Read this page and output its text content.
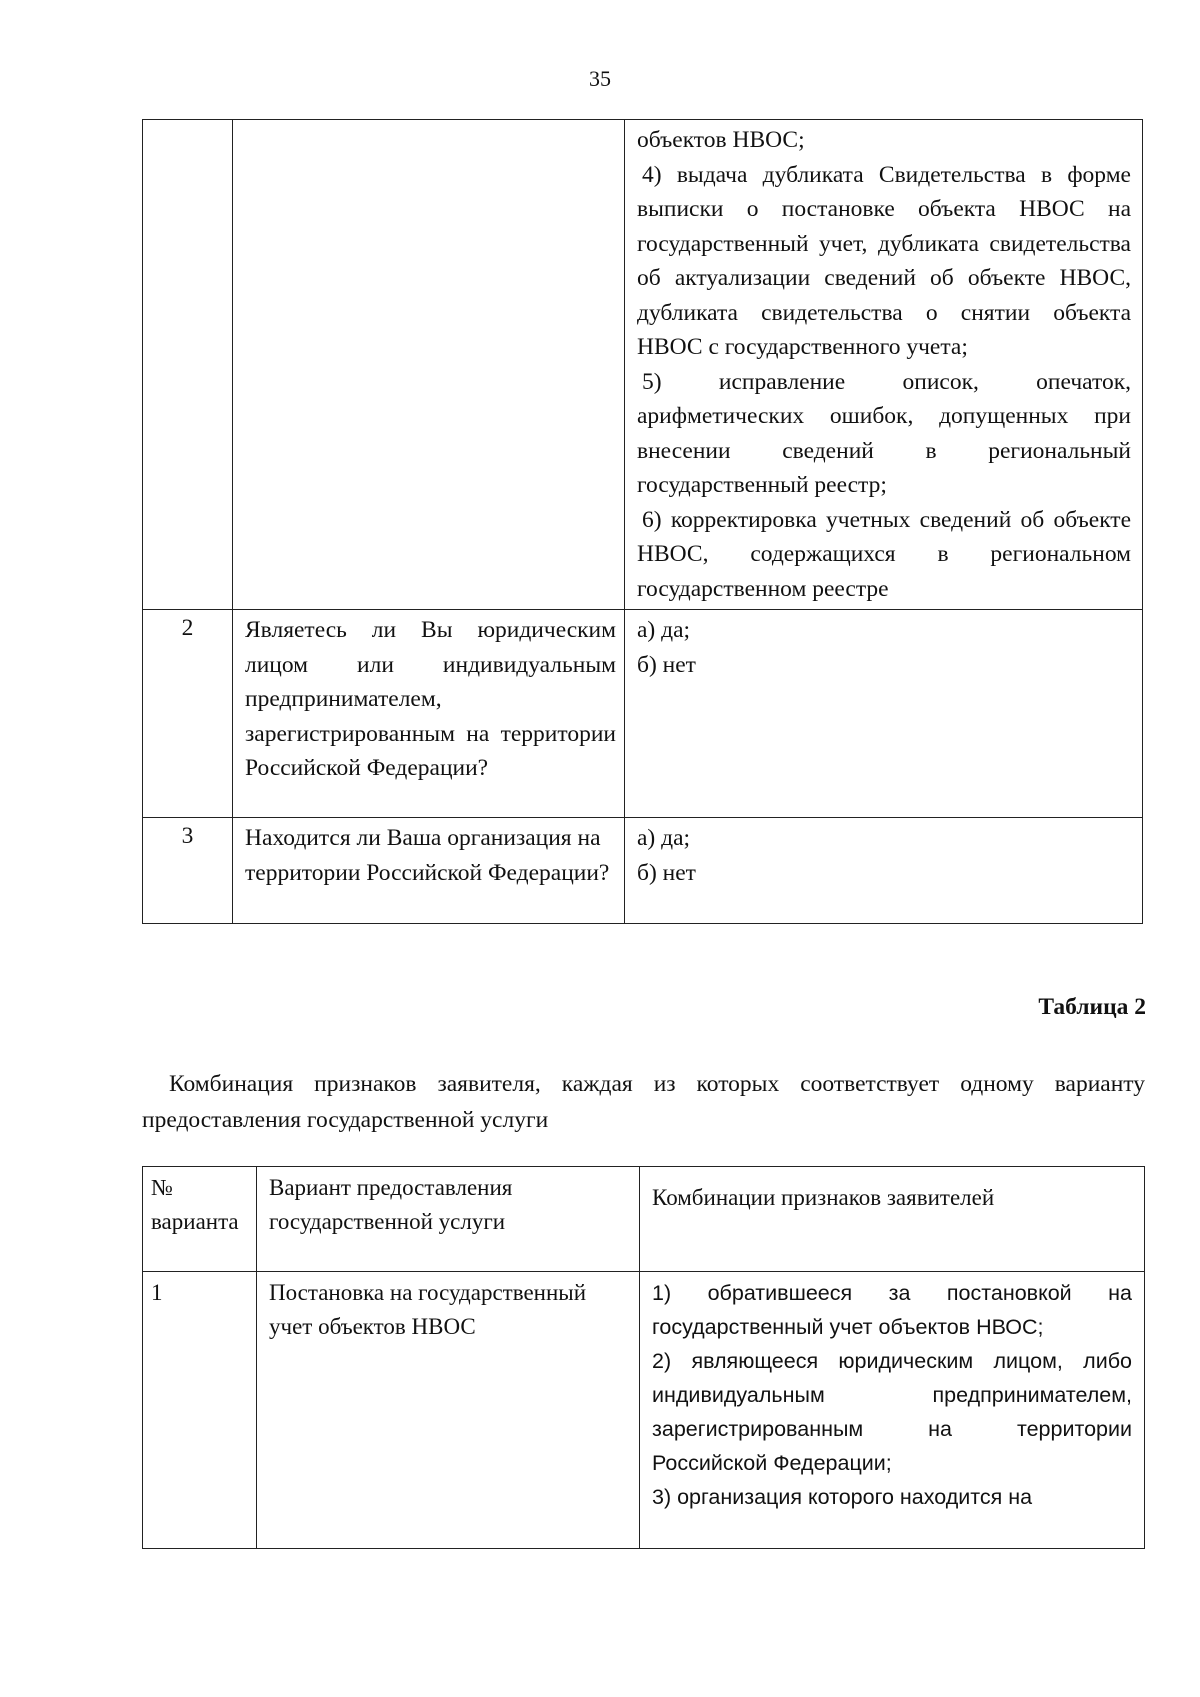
35

		объектов НВОС;
4) выдача дубликата Свидетельства в форме выписки о постановке объекта НВОС на государственный учет, дубликата свидетельства об актуализации сведений об объекте НВОС, дубликата свидетельства о снятии объекта НВОС с государственного учета;
5) исправление описок, опечаток, арифметических ошибок, допущенных при внесении сведений в региональный государственный реестр;
6) корректировка учетных сведений об объекте НВОС, содержащихся в региональном государственном реестре

2	Являетесь ли Вы юридическим лицом или индивидуальным предпринимателем, зарегистрированным на территории Российской Федерации?	а) да;
б) нет

3	Находится ли Ваша организация на территории Российской Федерации?	а) да;
б) нет
Таблица 2
Комбинация признаков заявителя, каждая из которых соответствует одному варианту предоставления государственной услуги
№ варианта	Вариант предоставления государственной услуги	Комбинации признаков заявителей
1	Постановка на государственный учет объектов НВОС	1) обратившееся за постановкой на государственный учет объектов НВОС;
2) являющееся юридическим лицом, либо индивидуальным предпринимателем, зарегистрированным на территории Российской Федерации;
3) организация которого находится на
